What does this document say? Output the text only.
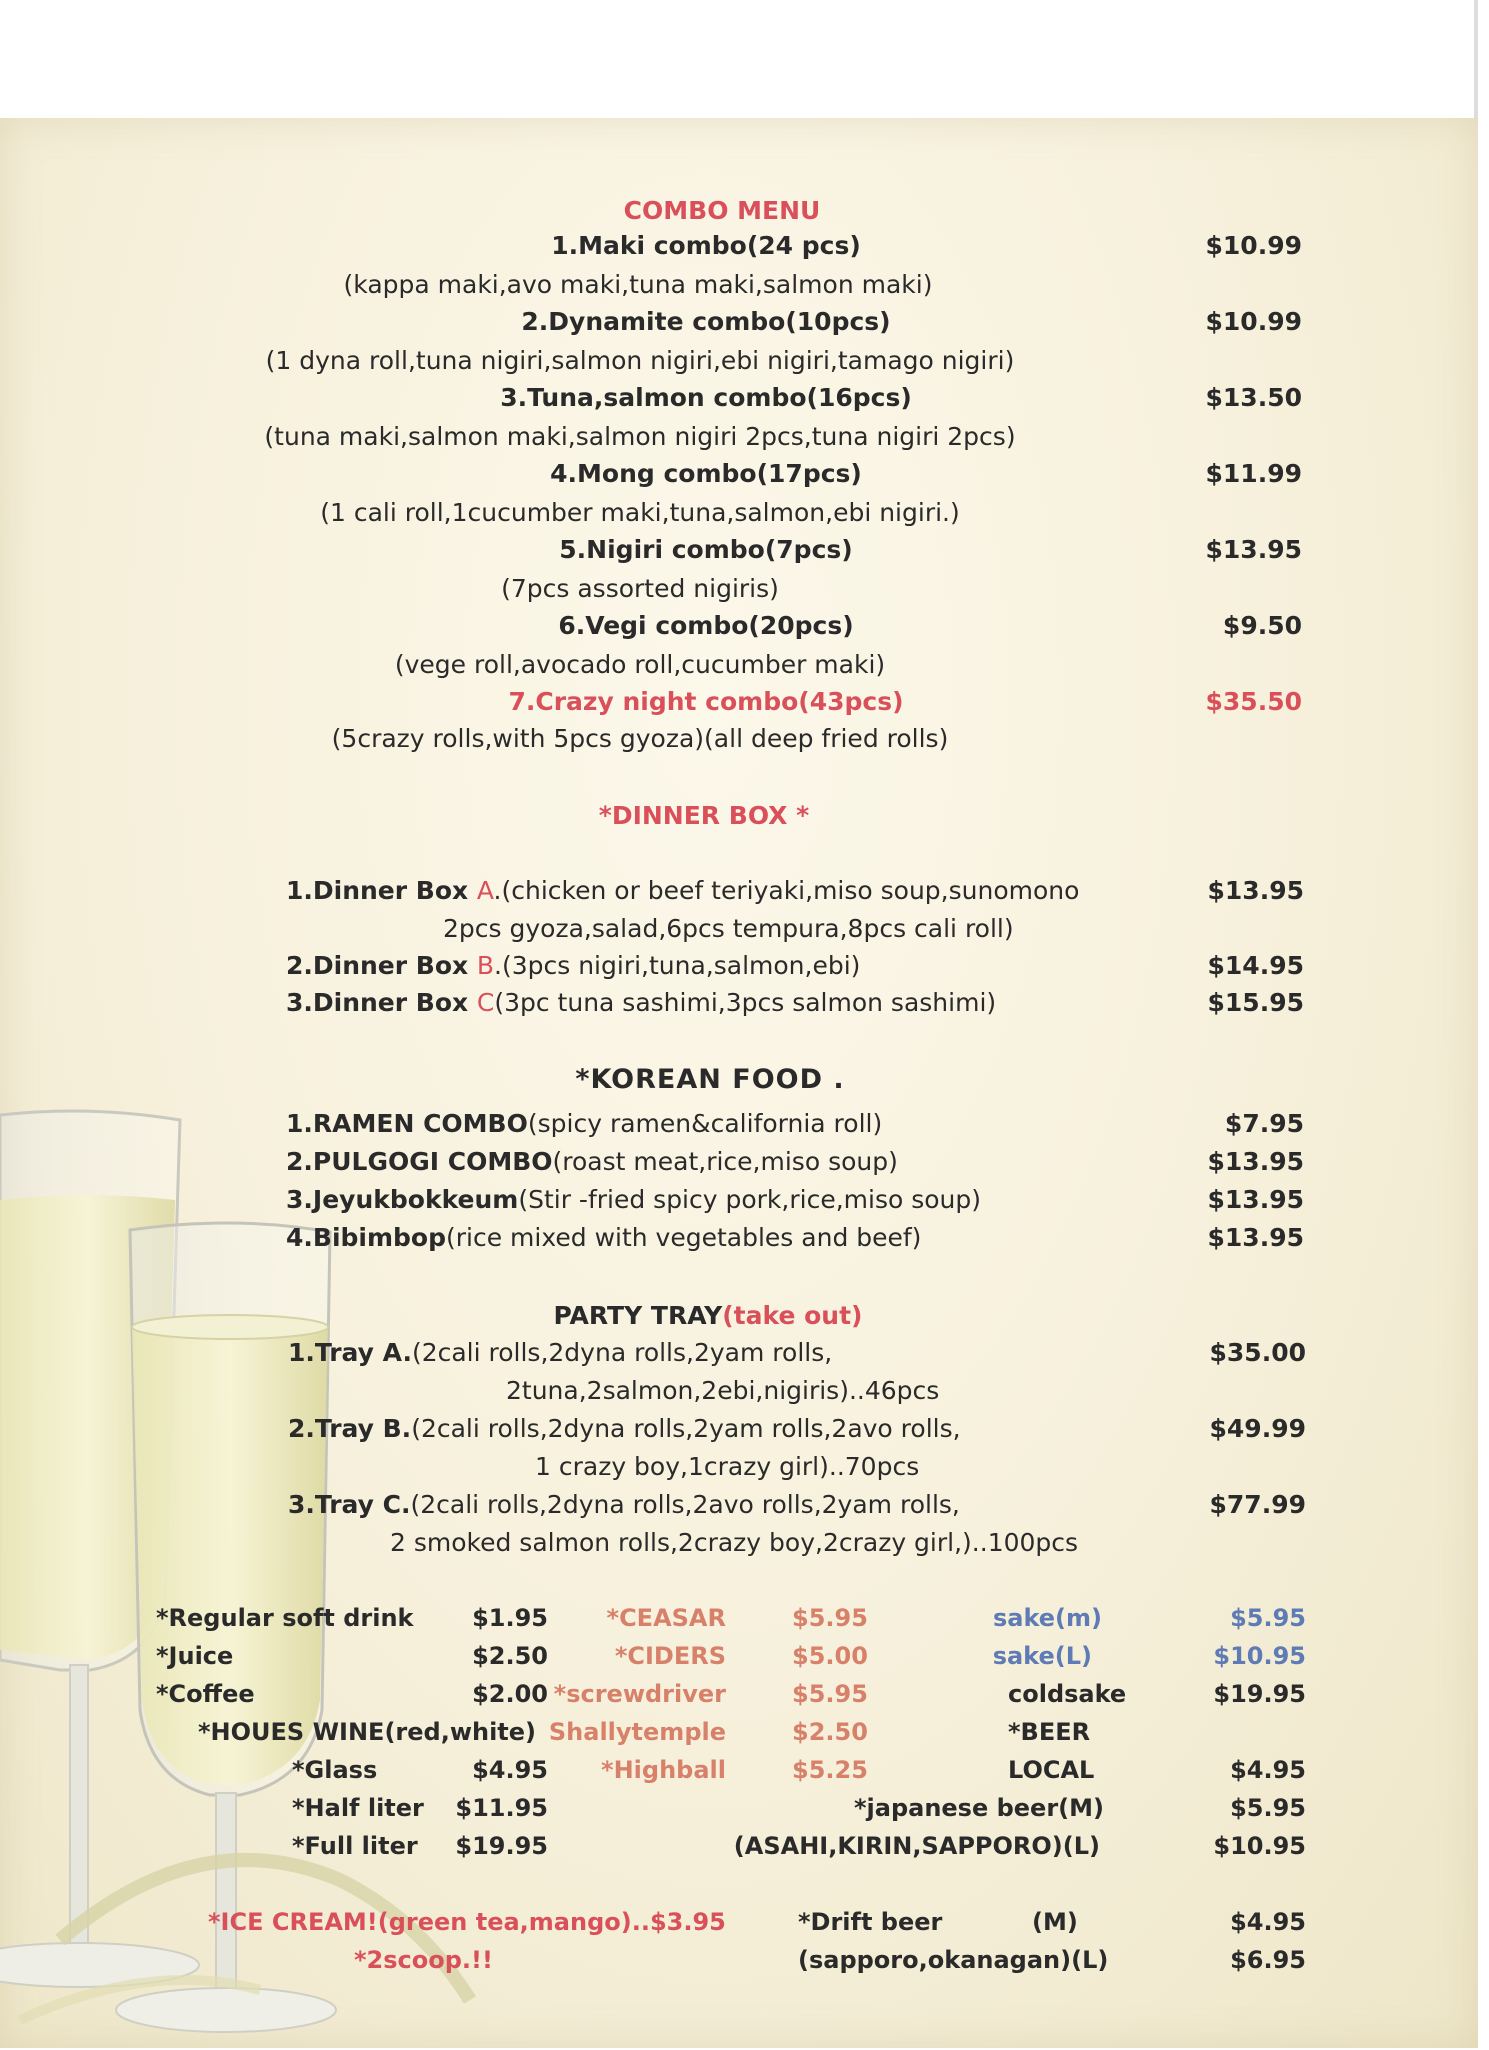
COMBO MENU
1.Maki combo(24 pcs)	$10.99
(kappa maki,avo maki,tuna maki,salmon maki)
2.Dynamite combo(10pcs)	$10.99
(1 dyna roll,tuna nigiri,salmon nigiri,ebi nigiri,tamago nigiri)
3.Tuna,salmon combo(16pcs)	$13.50
(tuna maki,salmon maki,salmon nigiri 2pcs,tuna nigiri 2pcs)
4.Mong combo(17pcs)	$11.99
(1 cali roll,1cucumber maki,tuna,salmon,ebi nigiri.)
5.Nigiri combo(7pcs)	$13.95
(7pcs assorted nigiris)
6.Vegi combo(20pcs)	$9.50
(vege roll,avocado roll,cucumber maki)
7.Crazy night combo(43pcs)	$35.50
(5crazy rolls,with 5pcs gyoza)(all deep fried rolls)
*DINNER BOX *
1.Dinner Box A.(chicken or beef teriyaki,miso soup,sunomono	$13.95
2pcs gyoza,salad,6pcs tempura,8pcs cali roll)
2.Dinner Box B.(3pcs nigiri,tuna,salmon,ebi)	$14.95
3.Dinner Box C(3pc tuna sashimi,3pcs salmon sashimi)	$15.95
*KOREAN FOOD .
1.RAMEN COMBO(spicy ramen&california roll)	$7.95
2.PULGOGI COMBO(roast meat,rice,miso soup)	$13.95
3.Jeyukbokkeum(Stir -fried spicy pork,rice,miso soup)	$13.95
4.Bibimbop(rice mixed with vegetables and beef)	$13.95
PARTY TRAY(take out)
1.Tray A.(2cali rolls,2dyna rolls,2yam rolls,	$35.00
2tuna,2salmon,2ebi,nigiris)..46pcs
2.Tray B.(2cali rolls,2dyna rolls,2yam rolls,2avo rolls,	$49.99
1 crazy boy,1crazy girl)..70pcs
3.Tray C.(2cali rolls,2dyna rolls,2avo rolls,2yam rolls,	$77.99
2 smoked salmon rolls,2crazy boy,2crazy girl,)..100pcs
*Regular soft drink $1.95
*Juice	$2.50
*Coffee	$2.00
*HOUES WINE(red,white)
*Glass	$4.95
*Half liter $11.95
*Full liter $19.95
*CEASAR	$5.95
*CIDERS	$5.00
*screwdriver	$5.95
Shallytemple	$2.50
*Highball	$5.25
sake(m)	$5.95
sake(L)	$10.95
coldsake	$19.95
*BEER
LOCAL	$4.95
*japanese beer(M)	$5.95
(ASAHI,KIRIN,SAPPORO)(L)	$10.95
*ICE CREAM!(green tea,mango)..$3.95
*2scoop.!!
*Drift beer	(M)	$4.95
(sapporo,okanagan)(L)	$6.95
